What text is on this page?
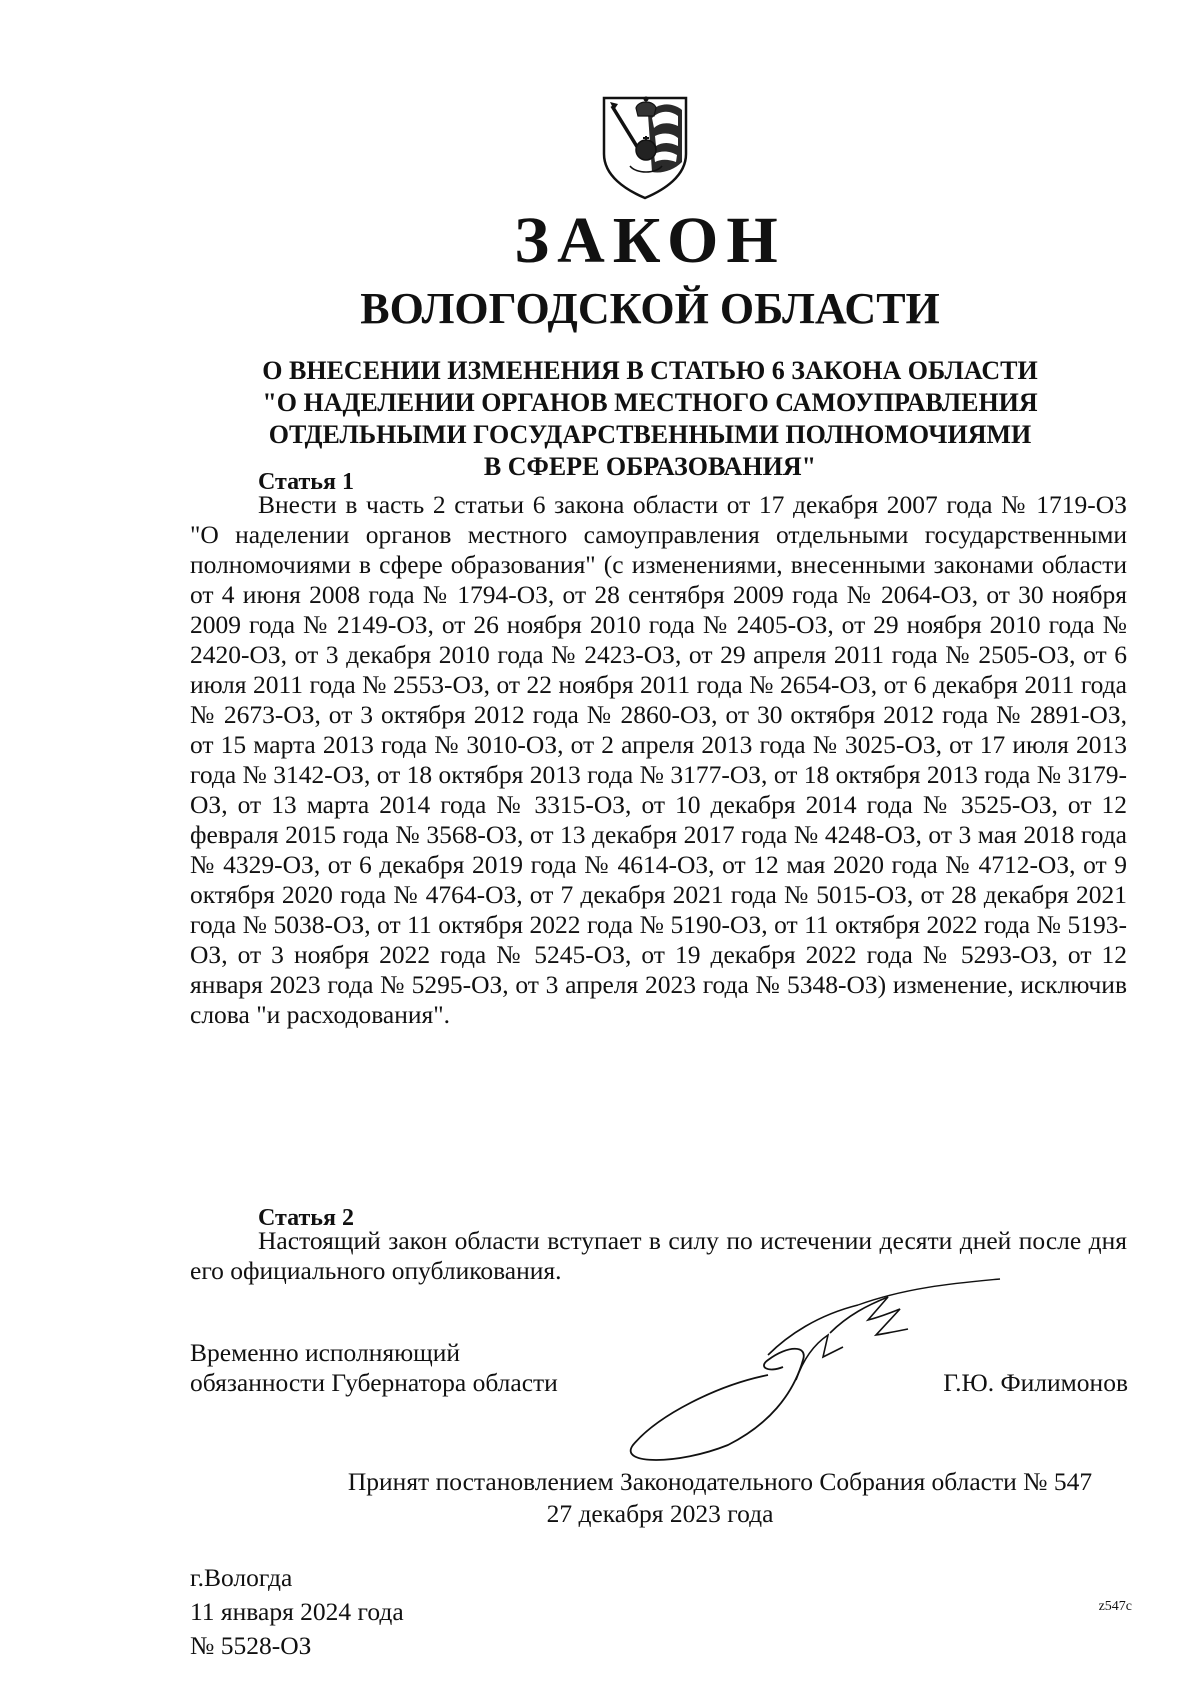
ЗАКОН
ВОЛОГОДСКОЙ ОБЛАСТИ
О ВНЕСЕНИИ ИЗМЕНЕНИЯ В СТАТЬЮ 6 ЗАКОНА ОБЛАСТИ
"О НАДЕЛЕНИИ ОРГАНОВ МЕСТНОГО САМОУПРАВЛЕНИЯ
ОТДЕЛЬНЫМИ ГОСУДАРСТВЕННЫМИ ПОЛНОМОЧИЯМИ
В СФЕРЕ ОБРАЗОВАНИЯ"
Статья 1

Внести в часть 2 статьи 6 закона области от 17 декабря 2007 года № 1719-ОЗ "О наделении органов местного самоуправления отдельными государственными полномочиями в сфере образования" (с изменениями, внесенными законами области от 4 июня 2008 года № 1794-ОЗ, от 28 сентября 2009 года № 2064-ОЗ, от 30 ноября 2009 года № 2149-ОЗ, от 26 ноября 2010 года № 2405-ОЗ, от 29 ноября 2010 года № 2420-ОЗ, от 3 декабря 2010 года № 2423-ОЗ, от 29 апреля 2011 года № 2505-ОЗ, от 6 июля 2011 года № 2553-ОЗ, от 22 ноября 2011 года № 2654-ОЗ, от 6 декабря 2011 года № 2673-ОЗ, от 3 октября 2012 года № 2860-ОЗ, от 30 октября 2012 года № 2891-ОЗ, от 15 марта 2013 года № 3010-ОЗ, от 2 апреля 2013 года № 3025-ОЗ, от 17 июля 2013 года № 3142-ОЗ, от 18 октября 2013 года № 3177-ОЗ, от 18 октября 2013 года № 3179-ОЗ, от 13 марта 2014 года № 3315-ОЗ, от 10 декабря 2014 года № 3525-ОЗ, от 12 февраля 2015 года № 3568-ОЗ, от 13 декабря 2017 года № 4248-ОЗ, от 3 мая 2018 года № 4329-ОЗ, от 6 декабря 2019 года № 4614-ОЗ, от 12 мая 2020 года № 4712-ОЗ, от 9 октября 2020 года № 4764-ОЗ, от 7 декабря 2021 года № 5015-ОЗ, от 28 декабря 2021 года № 5038-ОЗ, от 11 октября 2022 года № 5190-ОЗ, от 11 октября 2022 года № 5193-ОЗ, от 3 ноября 2022 года № 5245-ОЗ, от 19 декабря 2022 года № 5293-ОЗ, от 12 января 2023 года № 5295-ОЗ, от 3 апреля 2023 года № 5348-ОЗ) изменение, исключив слова "и расходования".

Статья 2

Настоящий закон области вступает в силу по истечении десяти дней после дня его официального опубликования.

Временно исполняющий
обязанности Губернатора области	Г.Ю. Филимонов
Принят постановлением Законодательного Собрания области № 547
27 декабря 2023 года
г.Вологда
11 января 2024 года
№ 5528-ОЗ
z547c
